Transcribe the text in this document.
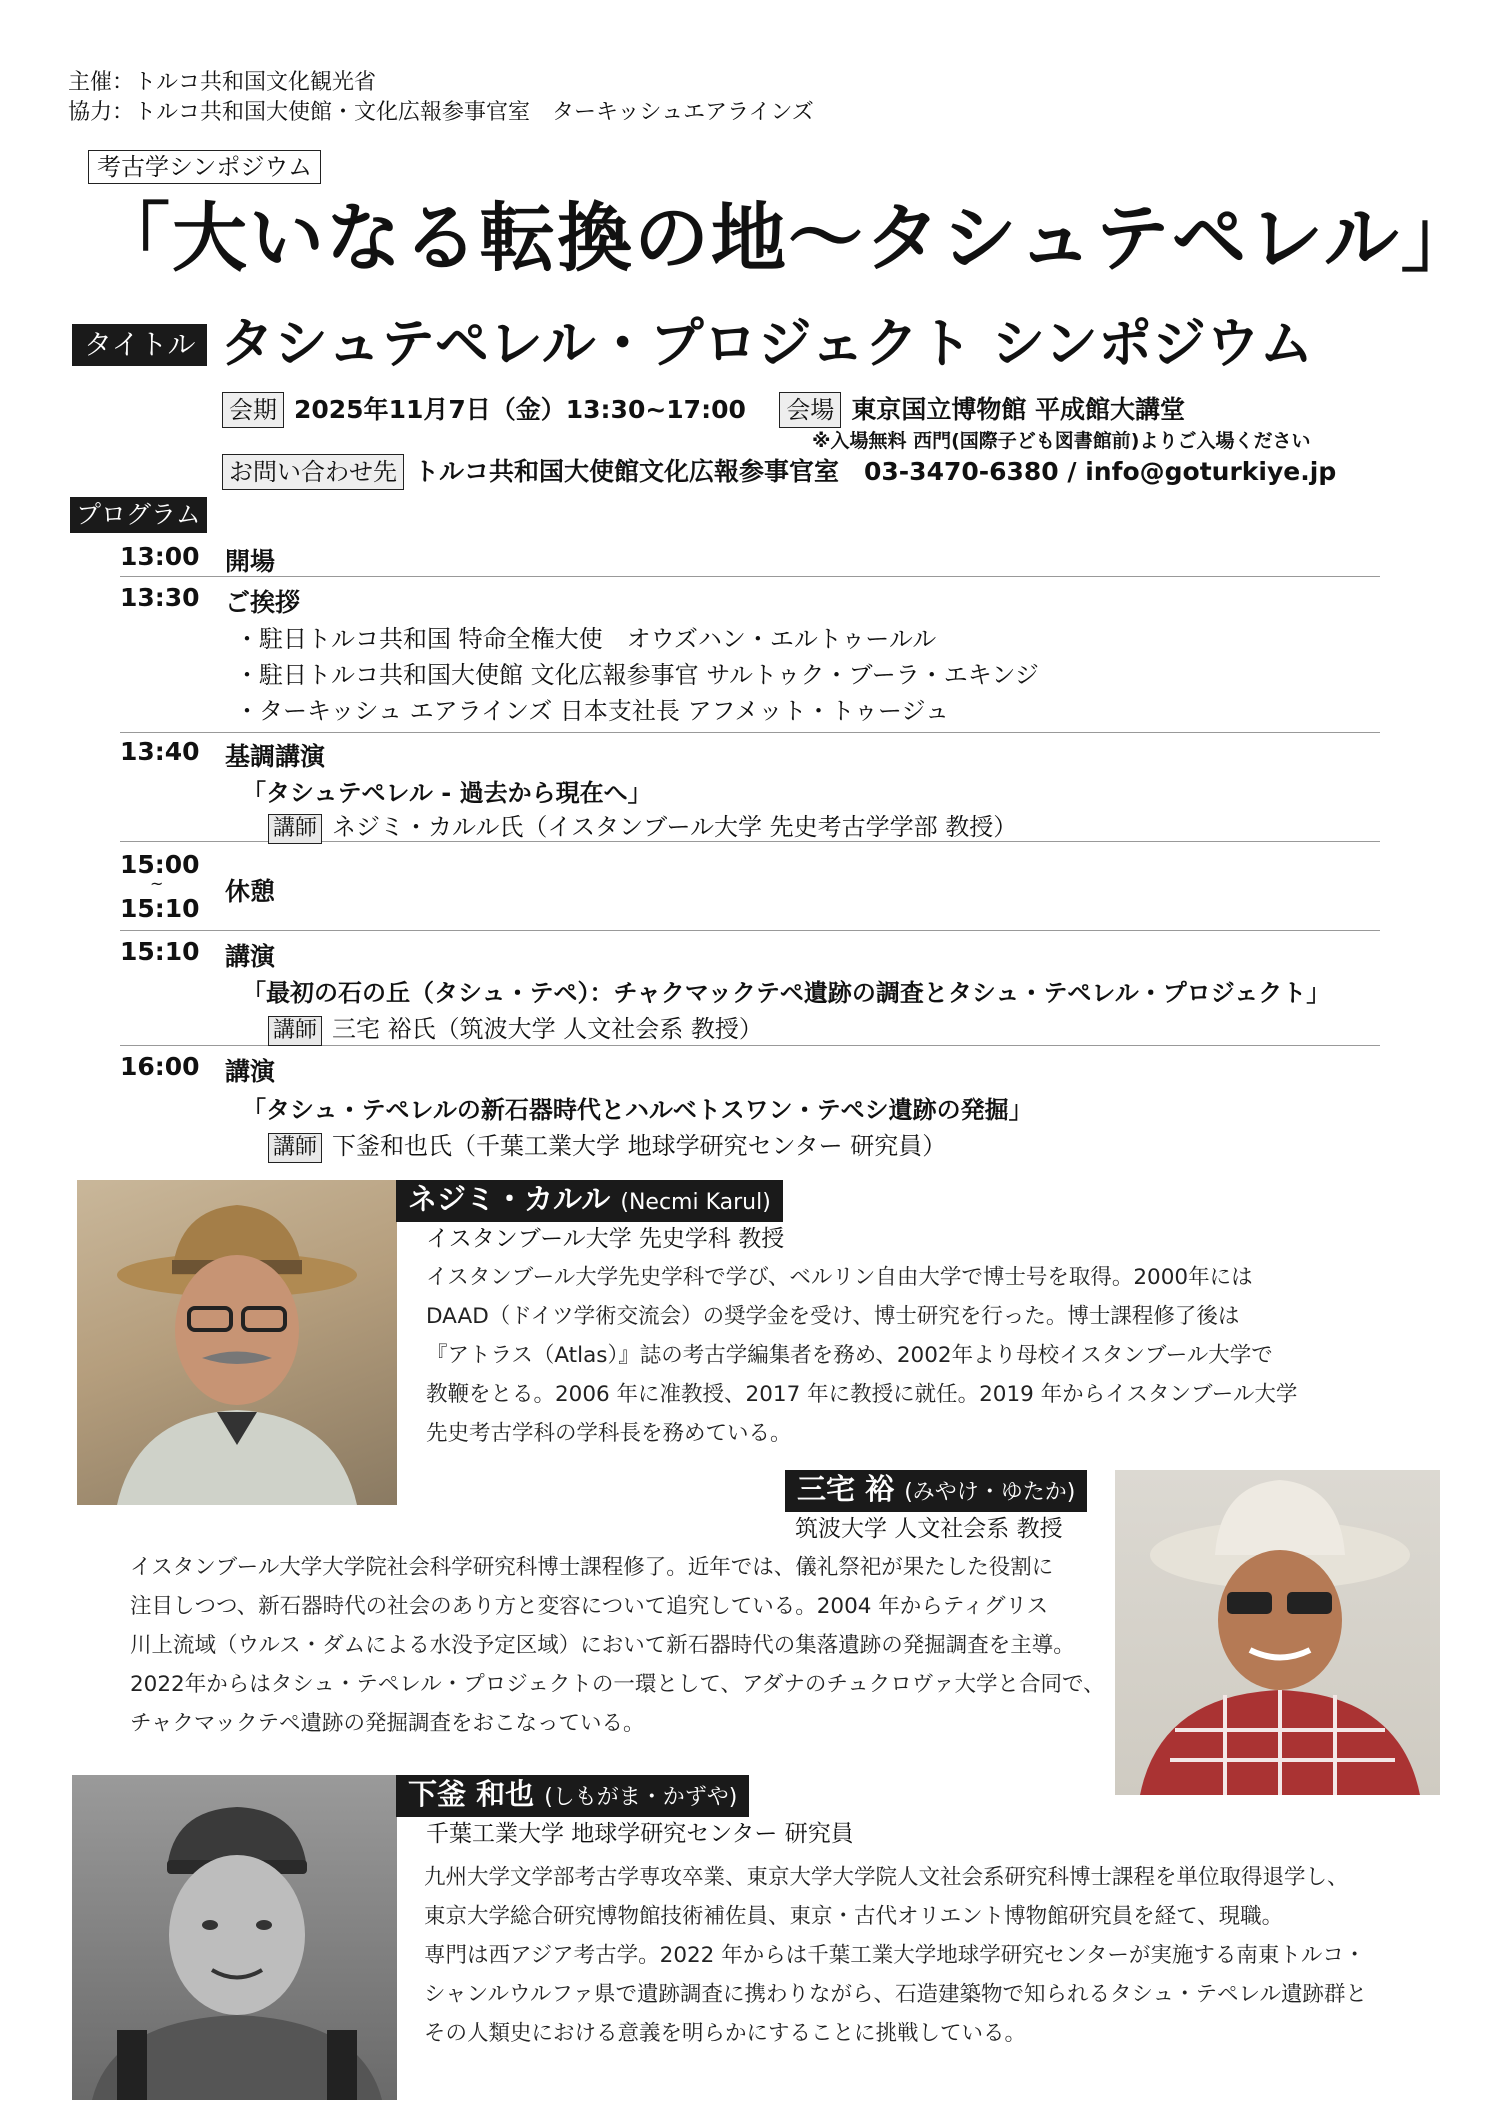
主催：トルコ共和国文化観光省
協力：トルコ共和国大使館・文化広報参事官室　ターキッシュエアラインズ
考古学シンポジウム
「大いなる転換の地～タシュテペレル」
タイトル タシュテペレル・プロジェクト シンポジウム
会期 2025年11月7日（金）13:30~17:00 会場 東京国立博物館 平成館大講堂
※入場無料 西門(国際子ども図書館前)よりご入場ください
お問い合わせ先 トルコ共和国大使館文化広報参事官室　03-3470-6380 / info@goturkiye.jp
プログラム
13:00 開場
13:30 ご挨拶
・駐日トルコ共和国 特命全権大使　オウズハン・エルトゥールル
・駐日トルコ共和国大使館 文化広報参事官 サルトゥク・ブーラ・エキンジ
・ターキッシュ エアラインズ 日本支社長 アフメット・トゥージュ
13:40 基調講演
「タシュテペレル - 過去から現在へ」
講師 ネジミ・カルル氏（イスタンブール大学 先史考古学学部 教授）
15:00
~
15:10
休憩
15:10 講演
「最初の石の丘（タシュ・テペ）：チャクマックテペ遺跡の調査とタシュ・テペレル・プロジェクト」
講師 三宅 裕氏（筑波大学 人文社会系 教授）
16:00 講演
「タシュ・テペレルの新石器時代とハルベトスワン・テペシ遺跡の発掘」
講師 下釜和也氏（千葉工業大学 地球学研究センター 研究員）
ネジミ・カルル (Necmi Karul)
イスタンブール大学 先史学科 教授
イスタンブール大学先史学科で学び、ベルリン自由大学で博士号を取得。2000年には
DAAD（ドイツ学術交流会）の奨学金を受け、博士研究を行った。博士課程修了後は
『アトラス（Atlas）』誌の考古学編集者を務め、2002年より母校イスタンブール大学で
教鞭をとる。2006 年に准教授、2017 年に教授に就任。2019 年からイスタンブール大学
先史考古学科の学科長を務めている。
三宅 裕 (みやけ・ゆたか)
筑波大学 人文社会系 教授
イスタンブール大学大学院社会科学研究科博士課程修了。近年では、儀礼祭祀が果たした役割に
注目しつつ、新石器時代の社会のあり方と変容について追究している。2004 年からティグリス
川上流域（ウルス・ダムによる水没予定区域）において新石器時代の集落遺跡の発掘調査を主導。
2022年からはタシュ・テペレル・プロジェクトの一環として、アダナのチュクロヴァ大学と合同で、
チャクマックテペ遺跡の発掘調査をおこなっている。
下釜 和也 (しもがま・かずや)
千葉工業大学 地球学研究センター 研究員
九州大学文学部考古学専攻卒業、東京大学大学院人文社会系研究科博士課程を単位取得退学し、
東京大学総合研究博物館技術補佐員、東京・古代オリエント博物館研究員を経て、現職。
専門は西アジア考古学。2022 年からは千葉工業大学地球学研究センターが実施する南東トルコ・
シャンルウルファ県で遺跡調査に携わりながら、石造建築物で知られるタシュ・テペレル遺跡群と
その人類史における意義を明らかにすることに挑戦している。
